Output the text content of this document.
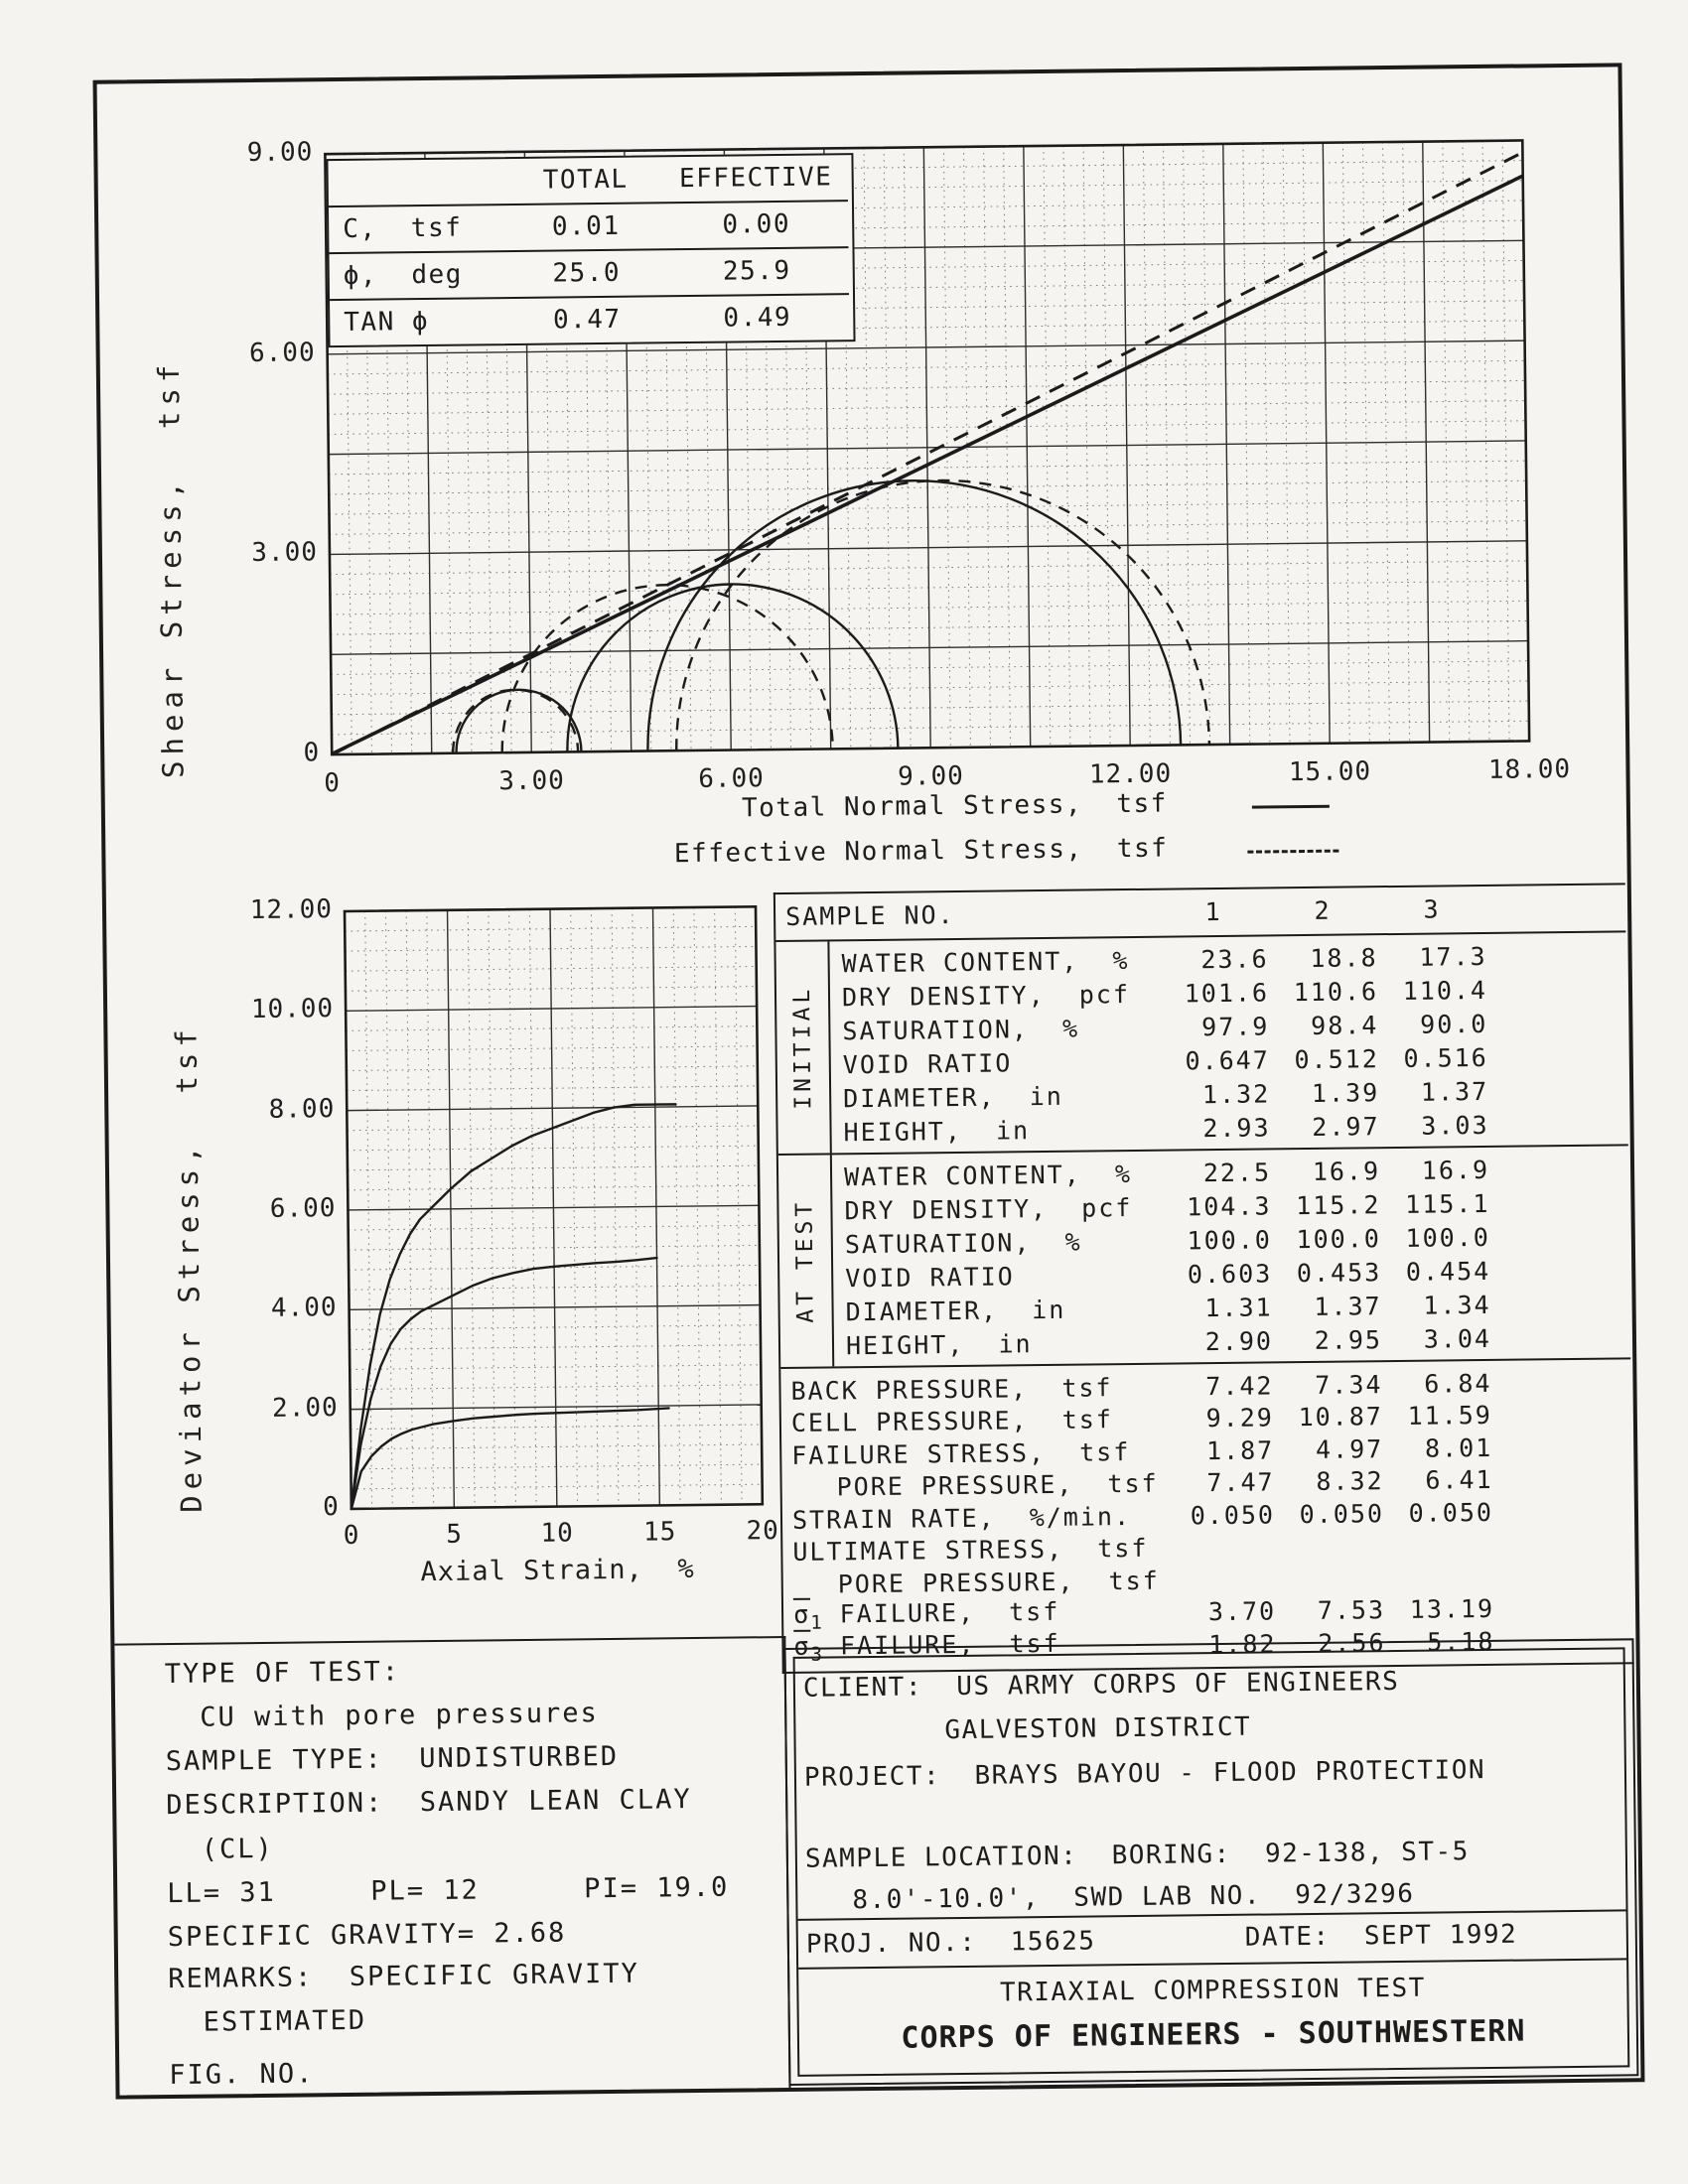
Shear Stress,  tsf
TOTAL	EFFECTIVE
C,  tsf	0.01	0.00
ϕ,  deg	25.0	25.9
TAN ϕ	0.47	0.49
Total Normal Stress,  tsf
Effective Normal Stress,  tsf
Deviator Stress,  tsf
Axial Strain,  %
SAMPLE NO.	1	2	3
INITIAL
WATER CONTENT,  %	23.6	18.8	17.3
DRY DENSITY,  pcf	101.6 110.6 110.4
SATURATION,  %	97.9	98.4	90.0
VOID RATIO	0.647 0.512 0.516
DIAMETER,  in	1.32	1.39	1.37
HEIGHT,  in	2.93	2.97	3.03
AT TEST
WATER CONTENT,  %	22.5	16.9	16.9
DRY DENSITY,  pcf	104.3 115.2 115.1
SATURATION,  %	100.0 100.0 100.0
VOID RATIO	0.603 0.453 0.454
DIAMETER,  in	1.31	1.37	1.34
HEIGHT,  in	2.90	2.95	3.04
BACK PRESSURE,  tsf	7.42	7.34	6.84
CELL PRESSURE,  tsf	9.29 10.87 11.59
FAILURE STRESS,  tsf	1.87	4.97	8.01
PORE PRESSURE,  tsf	7.47	8.32	6.41
STRAIN RATE,  %/min.	0.050 0.050 0.050
ULTIMATE STRESS,  tsf
PORE PRESSURE,  tsf
$\overline{\sigma}_1$ FAILURE,  tsf	3.70	7.53 13.19
$\overline{\sigma}_3$ FAILURE,  tsf	1.82	2.56	5.18
TYPE OF TEST:
CU with pore pressures
SAMPLE TYPE:  UNDISTURBED
DESCRIPTION:  SANDY LEAN CLAY
(CL)
LL= 31	PL= 12	PI= 19.0
SPECIFIC GRAVITY= 2.68
REMARKS:  SPECIFIC GRAVITY
ESTIMATED
FIG. NO.
CLIENT:  US ARMY CORPS OF ENGINEERS
GALVESTON DISTRICT
PROJECT:  BRAYS BAYOU - FLOOD PROTECTION
SAMPLE LOCATION:  BORING:  92-138, ST-5
8.0'-10.0',  SWD LAB NO.  92/3296
PROJ. NO.:  15625	DATE:  SEPT 1992
TRIAXIAL COMPRESSION TEST
CORPS OF ENGINEERS - SOUTHWESTERN
0
3.00
6.00
9.00
0	3.00	6.00	9.00	12.00	15.00	18.00
0
2.00
4.00
6.00
8.00
10.00
12.00
0	5	10	15	20
